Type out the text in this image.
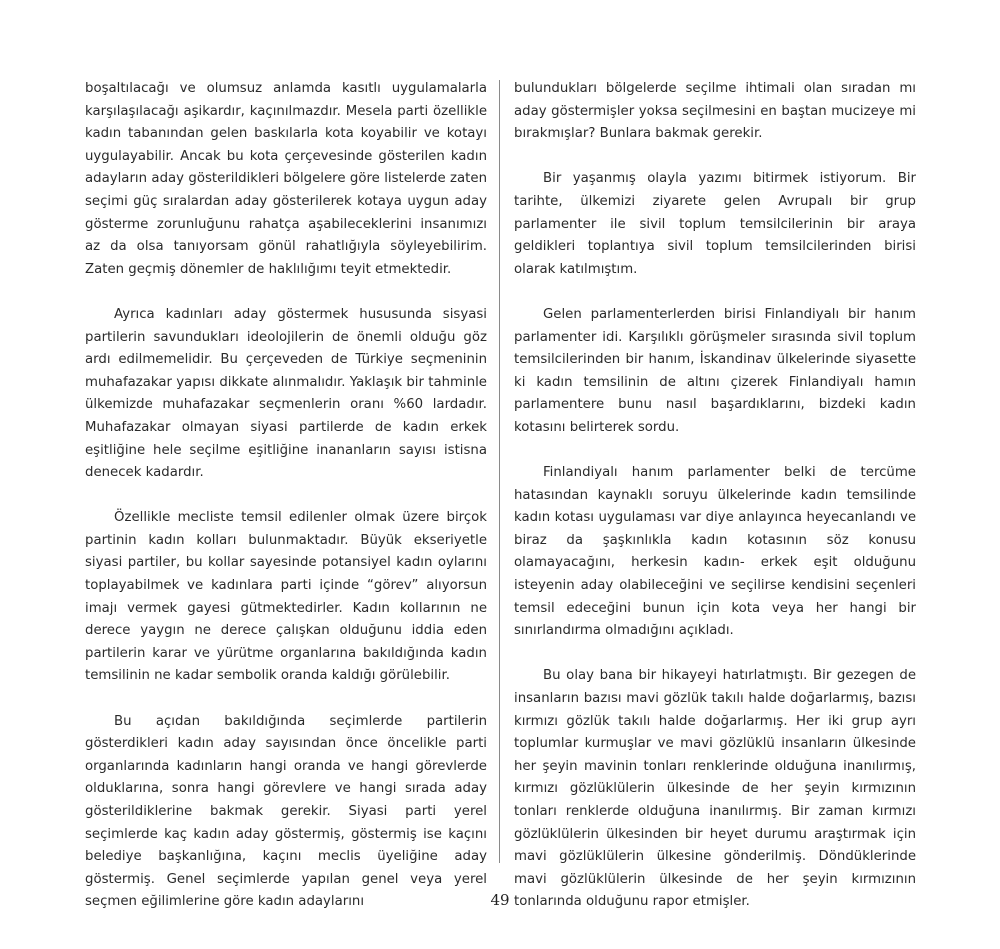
boşaltılacağı ve olumsuz anlamda kasıtlı uygulamalarla karşılaşılacağı aşikardır, kaçınılmazdır. Mesela parti özellikle kadın tabanından gelen baskılarla kota koyabilir ve kotayı uygulayabilir. Ancak bu kota çerçevesinde gösterilen kadın adayların aday gösterildikleri bölgelere göre listelerde zaten seçimi güç sıralardan aday gösterilerek kotaya uygun aday gösterme zorunluğunu rahatça aşabileceklerini insanımızı az da olsa tanıyorsam gönül rahatlığıyla söyleyebilirim. Zaten geçmiş dönemler de haklılığımı teyit etmektedir.

Ayrıca kadınları aday göstermek hususunda sisyasi partilerin savundukları ideolojilerin de önemli olduğu göz ardı edilmemelidir. Bu çerçeveden de Türkiye seçmeninin muhafazakar yapısı dikkate alınmalıdır. Yaklaşık bir tahminle ülkemizde muhafazakar seçmenlerin oranı %60 lardadır. Muhafazakar olmayan siyasi partilerde de kadın erkek eşitliğine hele seçilme eşitliğine inananların sayısı istisna denecek kadardır.

Özellikle mecliste temsil edilenler olmak üzere birçok partinin kadın kolları bulunmaktadır. Büyük ekseriyetle siyasi partiler, bu kollar sayesinde potansiyel kadın oylarını toplayabilmek ve kadınlara parti içinde “görev” alıyorsun imajı vermek gayesi gütmektedirler. Kadın kollarının ne derece yaygın ne derece çalışkan olduğunu iddia eden partilerin karar ve yürütme organlarına bakıldığında kadın temsilinin ne kadar sembolik oranda kaldığı görülebilir.

Bu açıdan bakıldığında seçimlerde partilerin gösterdikleri kadın aday sayısından önce öncelikle parti organlarında kadınların hangi oranda ve hangi görevlerde olduklarına, sonra hangi görevlere ve hangi sırada aday gösterildiklerine bakmak gerekir. Siyasi parti yerel seçimlerde kaç kadın aday göstermiş, göstermiş ise kaçını belediye başkanlığına, kaçını meclis üyeliğine aday göstermiş. Genel seçimlerde yapılan genel veya yerel seçmen eğilimlerine göre kadın adaylarını

bulundukları bölgelerde seçilme ihtimali olan sıradan mı aday göstermişler yoksa seçilmesini en baştan mucizeye mi bırakmışlar? Bunlara bakmak gerekir.

Bir yaşanmış olayla yazımı bitirmek istiyorum. Bir tarihte, ülkemizi ziyarete gelen Avrupalı bir grup parlamenter ile sivil toplum temsilcilerinin bir araya geldikleri toplantıya sivil toplum temsilcilerinden birisi olarak katılmıştım.

Gelen parlamenterlerden birisi Finlandiyalı bir hanım parlamenter idi. Karşılıklı görüşmeler sırasında sivil toplum temsilcilerinden bir hanım, İskandinav ülkelerinde siyasette ki kadın temsilinin de altını çizerek Finlandiyalı hamın parlamentere bunu nasıl başardıklarını, bizdeki kadın kotasını belirterek sordu.

Finlandiyalı hanım parlamenter belki de tercüme hatasından kaynaklı soruyu ülkelerinde kadın temsilinde kadın kotası uygulaması var diye anlayınca heyecanlandı ve biraz da şaşkınlıkla kadın kotasının söz konusu olamayacağını, herkesin kadın- erkek eşit olduğunu isteyenin aday olabileceğini ve seçilirse kendisini seçenleri temsil edeceğini bunun için kota veya her hangi bir sınırlandırma olmadığını açıkladı.

Bu olay bana bir hikayeyi hatırlatmıştı. Bir gezegen de insanların bazısı mavi gözlük takılı halde doğarlarmış, bazısı kırmızı gözlük takılı halde doğarlarmış. Her iki grup ayrı toplumlar kurmuşlar ve mavi gözlüklü insanların ülkesinde her şeyin mavinin tonları renklerinde olduğuna inanılırmış, kırmızı gözlüklülerin ülkesinde de her şeyin kırmızının tonları renklerde olduğuna inanılırmış. Bir zaman kırmızı gözlüklülerin ülkesinden bir heyet durumu araştırmak için mavi gözlüklülerin ülkesine gönderilmiş. Döndüklerinde mavi gözlüklülerin ülkesinde de her şeyin kırmızının tonlarında olduğunu rapor etmişler.

49
